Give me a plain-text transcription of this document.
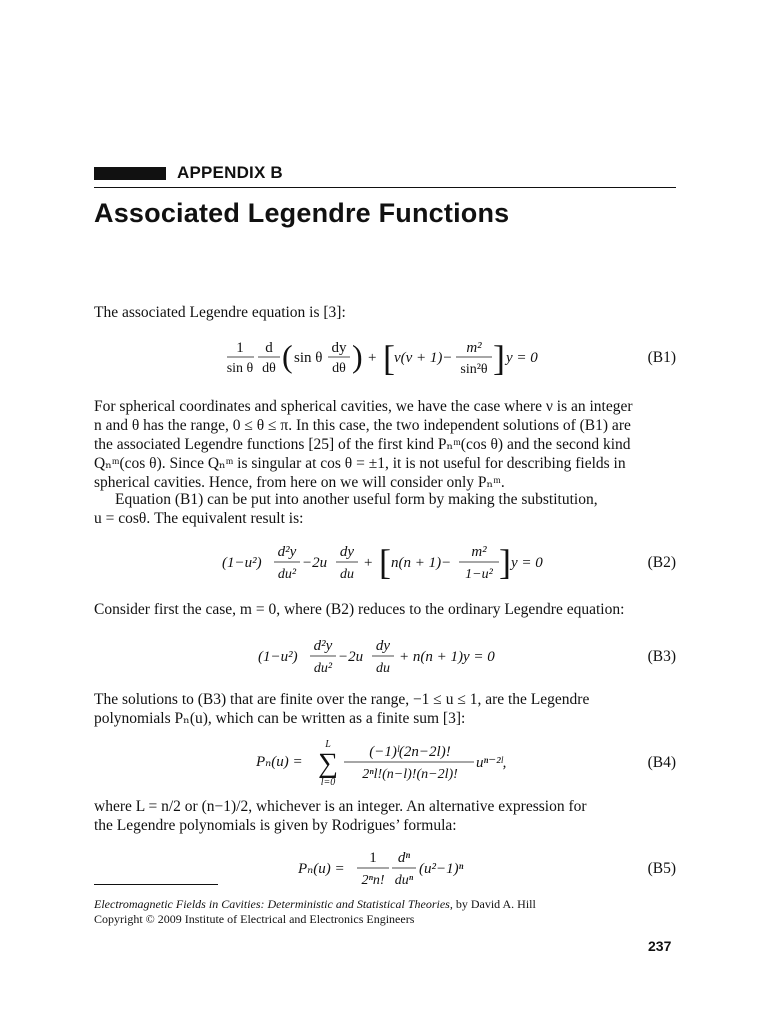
APPENDIX B
Associated Legendre Functions
The associated Legendre equation is [3]:
1
sin θ
d
dθ ( sin θ
dy
dθ ) + [ ν(ν + 1)−
m²
sin²θ ] y = 0	(B1)
For spherical coordinates and spherical cavities, we have the case where ν is an integer
n and θ has the range, 0 ≤ θ ≤ π. In this case, the two independent solutions of (B1) are
the associated Legendre functions [25] of the first kind Pₙᵐ(cos θ) and the second kind
Qₙᵐ(cos θ). Since Qₙᵐ is singular at cos θ = ±1, it is not useful for describing fields in
spherical cavities. Hence, from here on we will consider only Pₙᵐ.
Equation (B1) can be put into another useful form by making the substitution,
u = cosθ. The equivalent result is:
(1−u²)
d²y
du²
−2u
dy
du
+ [ n(n + 1)−
m²
1−u² ] y = 0	(B2)
Consider first the case, m = 0, where (B2) reduces to the ordinary Legendre equation:
(1−u²)
d²y
du²
−2u
dy
du
+ n(n + 1)y = 0	(B3)
The solutions to (B3) that are finite over the range, −1 ≤ u ≤ 1, are the Legendre
polynomials Pₙ(u), which can be written as a finite sum [3]:
Pₙ(u) =
L
∑
l=0
(−1)ˡ(2n−2l)!
2ⁿl!(n−l)!(n−2l)!
uⁿ⁻²ˡ,	(B4)
where L = n/2 or (n−1)/2, whichever is an integer. An alternative expression for
the Legendre polynomials is given by Rodrigues’ formula:
Pₙ(u) =
1
2ⁿn!
dⁿ
duⁿ
(u²−1)ⁿ	(B5)
Electromagnetic Fields in Cavities: Deterministic and Statistical Theories, by David A. Hill
Copyright © 2009 Institute of Electrical and Electronics Engineers
237
